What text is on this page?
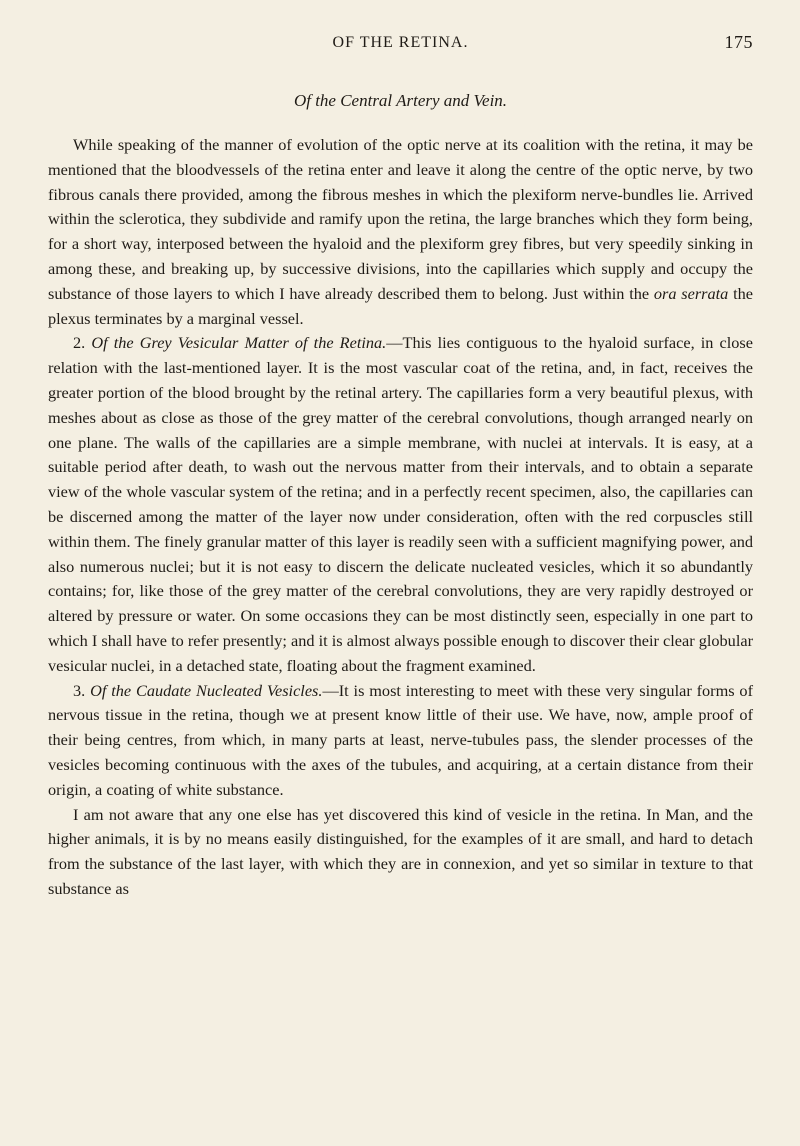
OF THE RETINA.	175
Of the Central Artery and Vein.

While speaking of the manner of evolution of the optic nerve at its coalition with the retina, it may be mentioned that the bloodvessels of the retina enter and leave it along the centre of the optic nerve, by two fibrous canals there provided, among the fibrous meshes in which the plexiform nerve-bundles lie. Arrived within the sclerotica, they subdivide and ramify upon the retina, the large branches which they form being, for a short way, interposed between the hyaloid and the plexiform grey fibres, but very speedily sinking in among these, and breaking up, by successive divisions, into the capillaries which supply and occupy the substance of those layers to which I have already described them to belong. Just within the ora serrata the plexus terminates by a marginal vessel.

2. Of the Grey Vesicular Matter of the Retina.—This lies contiguous to the hyaloid surface, in close relation with the last-mentioned layer. It is the most vascular coat of the retina, and, in fact, receives the greater portion of the blood brought by the retinal artery. The capillaries form a very beautiful plexus, with meshes about as close as those of the grey matter of the cerebral convolutions, though arranged nearly on one plane. The walls of the capillaries are a simple membrane, with nuclei at intervals. It is easy, at a suitable period after death, to wash out the nervous matter from their intervals, and to obtain a separate view of the whole vascular system of the retina; and in a perfectly recent specimen, also, the capillaries can be discerned among the matter of the layer now under consideration, often with the red corpuscles still within them. The finely granular matter of this layer is readily seen with a sufficient magnifying power, and also numerous nuclei; but it is not easy to discern the delicate nucleated vesicles, which it so abundantly contains; for, like those of the grey matter of the cerebral convolutions, they are very rapidly destroyed or altered by pressure or water. On some occasions they can be most distinctly seen, especially in one part to which I shall have to refer presently; and it is almost always possible enough to discover their clear globular vesicular nuclei, in a detached state, floating about the fragment examined.

3. Of the Caudate Nucleated Vesicles.—It is most interesting to meet with these very singular forms of nervous tissue in the retina, though we at present know little of their use. We have, now, ample proof of their being centres, from which, in many parts at least, nerve-tubules pass, the slender processes of the vesicles becoming continuous with the axes of the tubules, and acquiring, at a certain distance from their origin, a coating of white substance.

I am not aware that any one else has yet discovered this kind of vesicle in the retina. In Man, and the higher animals, it is by no means easily distinguished, for the examples of it are small, and hard to detach from the substance of the last layer, with which they are in connexion, and yet so similar in texture to that substance as
